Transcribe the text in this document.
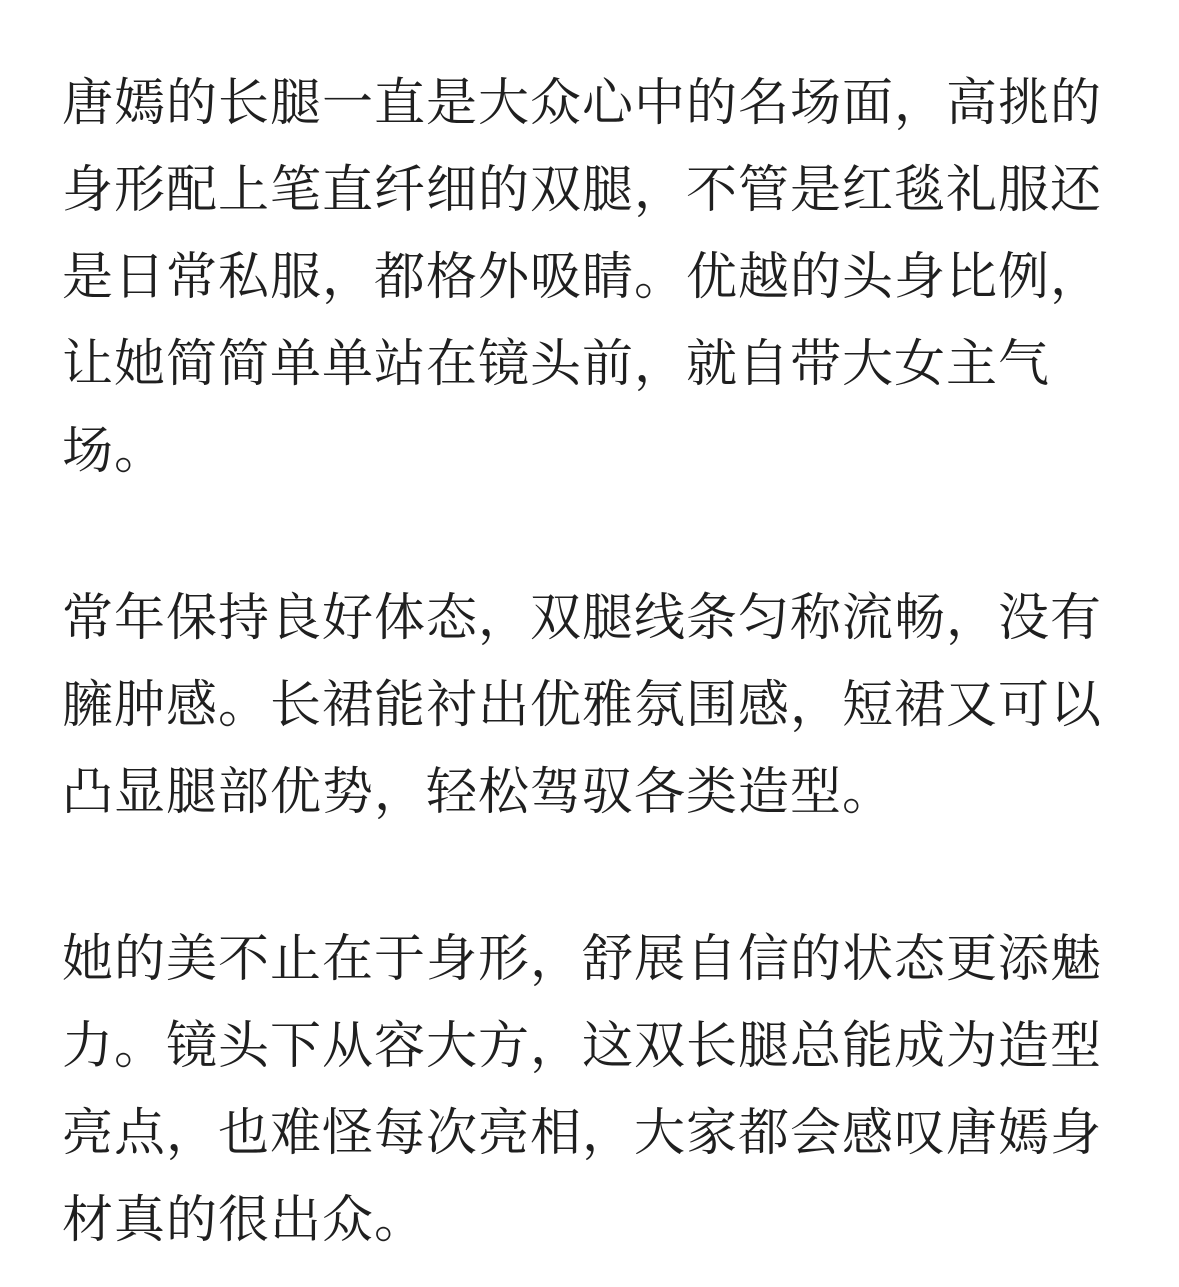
唐嫣的长腿一直是大众心中的名场面，高挑的身形配上笔直纤细的双腿，不管是红毯礼服还是日常私服，都格外吸睛。优越的头身比例，让她简简单单站在镜头前，就自带大女主气场。

常年保持良好体态，双腿线条匀称流畅，没有臃肿感。长裙能衬出优雅氛围感，短裙又可以凸显腿部优势，轻松驾驭各类造型。

她的美不止在于身形，舒展自信的状态更添魅力。镜头下从容大方，这双长腿总能成为造型亮点，也难怪每次亮相，大家都会感叹唐嫣身材真的很出众。
